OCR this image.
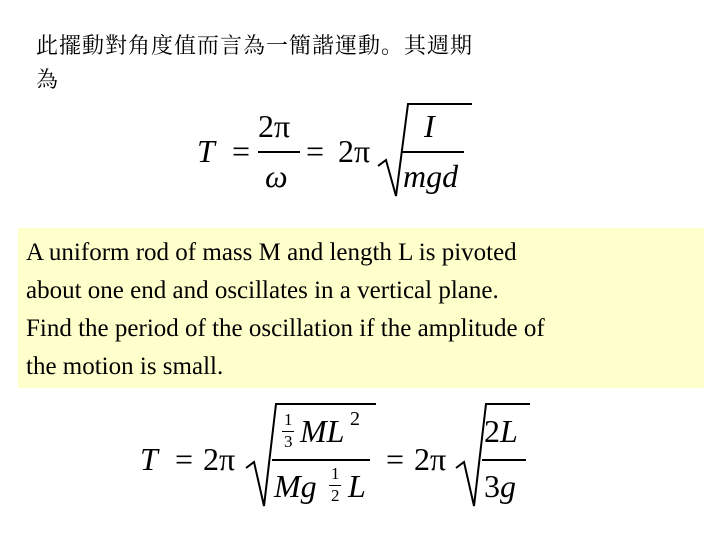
此擺動對角度值而言為一簡諧運動。其週期
為
T =
2π
ω
= 2π
I
mgd
A uniform rod of mass M and length L is pivoted
about one end and oscillates in a vertical plane.
Find the period of the oscillation if the amplitude of
the motion is small.
T = 2π
1
3 ML 2
Mg 1
2 L
= 2π
2L
3g
